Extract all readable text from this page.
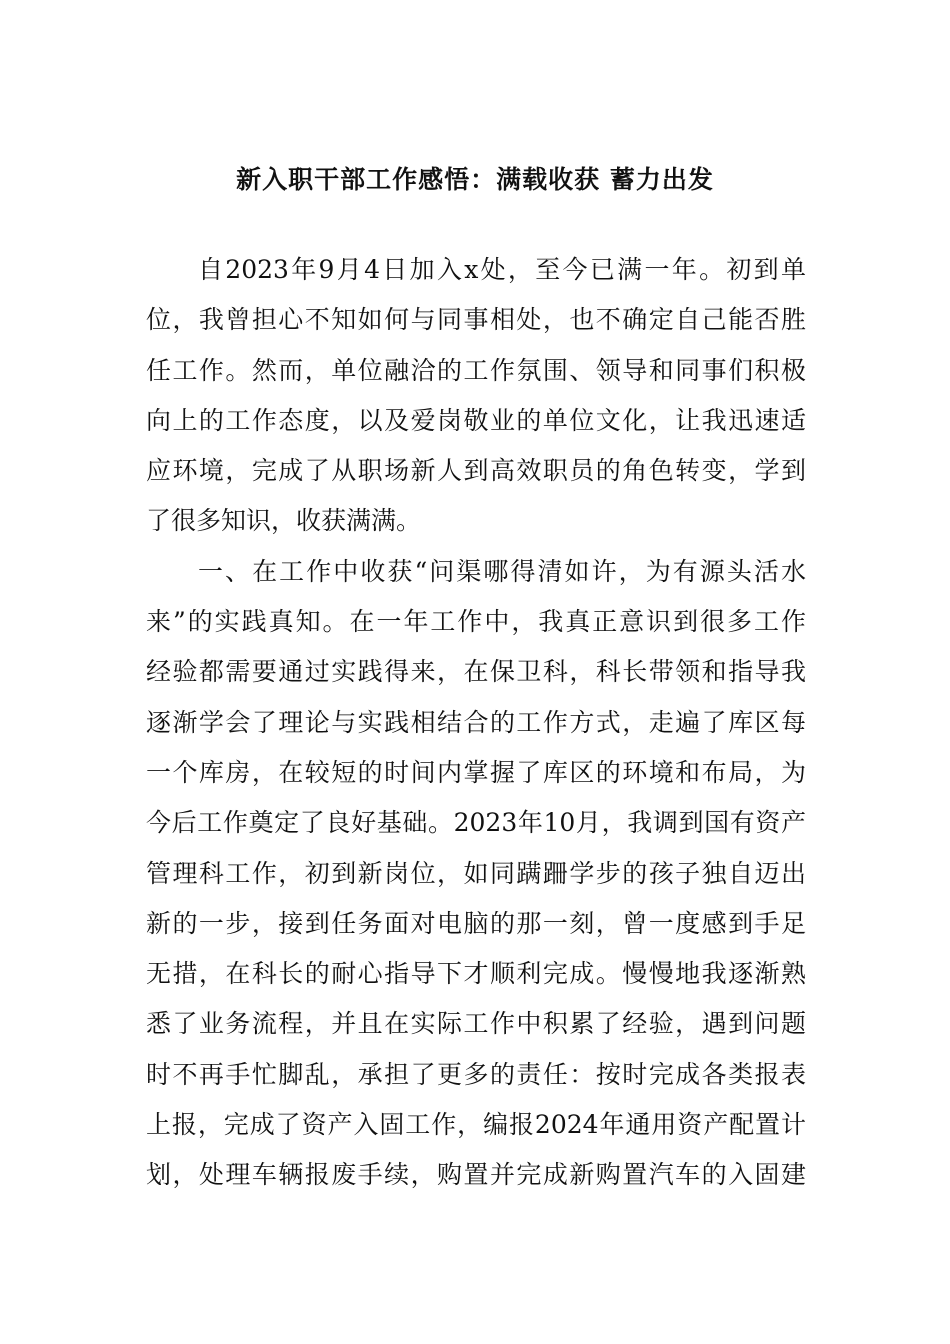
新入职干部工作感悟：满载收获 蓄力出发
自2023年9月4日加入x处，至今已满一年。初到单
位，我曾担心不知如何与同事相处，也不确定自己能否胜
任工作。然而，单位融洽的工作氛围、领导和同事们积极
向上的工作态度，以及爱岗敬业的单位文化，让我迅速适
应环境，完成了从职场新人到高效职员的角色转变，学到
了很多知识，收获满满。
一、在工作中收获“问渠哪得清如许，为有源头活水
来”的实践真知。在一年工作中，我真正意识到很多工作
经验都需要通过实践得来，在保卫科，科长带领和指导我
逐渐学会了理论与实践相结合的工作方式，走遍了库区每
一个库房，在较短的时间内掌握了库区的环境和布局，为
今后工作奠定了良好基础。2023年10月，我调到国有资产
管理科工作，初到新岗位，如同蹒跚学步的孩子独自迈出
新的一步，接到任务面对电脑的那一刻，曾一度感到手足
无措，在科长的耐心指导下才顺利完成。慢慢地我逐渐熟
悉了业务流程，并且在实际工作中积累了经验，遇到问题
时不再手忙脚乱，承担了更多的责任：按时完成各类报表
上报，完成了资产入固工作，编报2024年通用资产配置计
划，处理车辆报废手续，购置并完成新购置汽车的入固建
